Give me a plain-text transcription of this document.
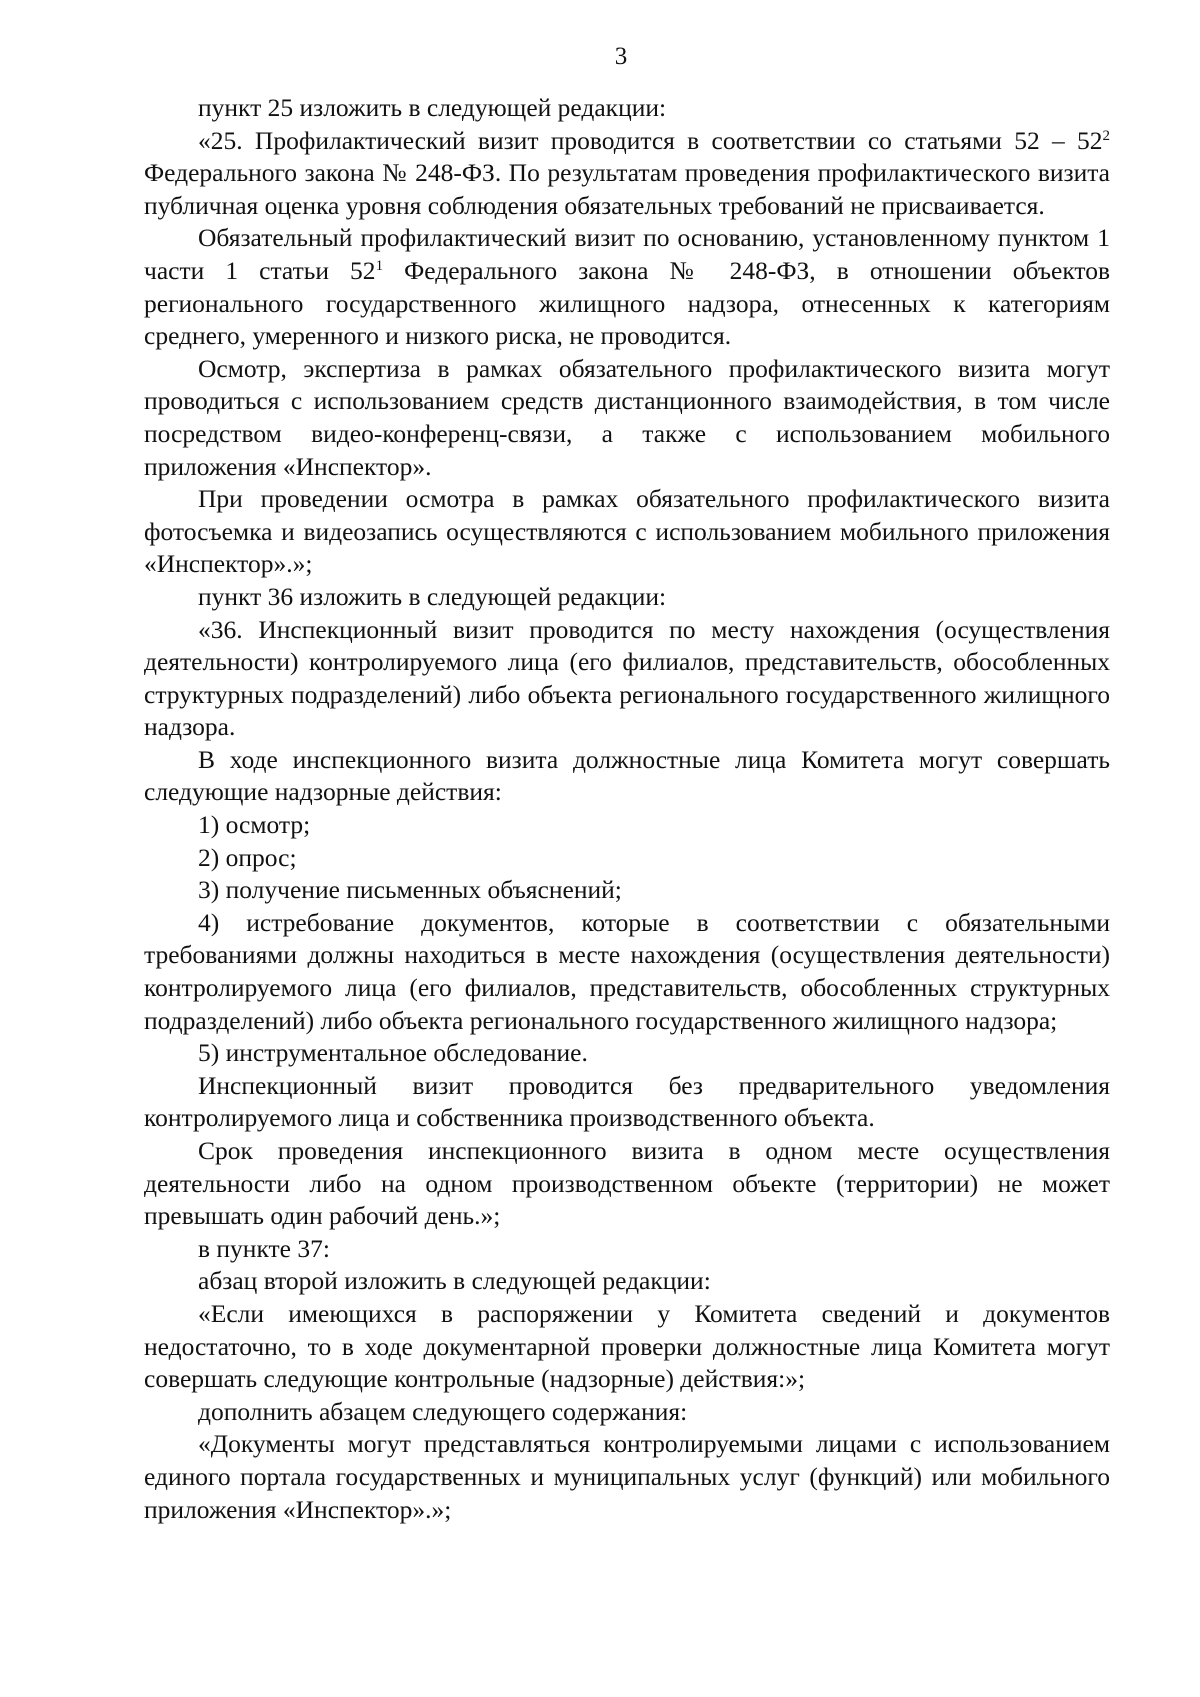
3

пункт 25 изложить в следующей редакции:

«25. Профилактический визит проводится в соответствии со статьями $52 - 52^2$ Федерального закона № 248-ФЗ. По результатам проведения профилактического визита публичная оценка уровня соблюдения обязательных требований не присваивается.

Обязательный профилактический визит по основанию, установленному пунктом 1 части 1 статьи $52^1$ Федерального закона № 248-ФЗ, в отношении объектов регионального государственного жилищного надзора, отнесенных к категориям среднего, умеренного и низкого риска, не проводится.

Осмотр, экспертиза в рамках обязательного профилактического визита могут проводиться с использованием средств дистанционного взаимодействия, в том числе посредством видео-конференц-связи, а также с использованием мобильного приложения «Инспектор».

При проведении осмотра в рамках обязательного профилактического визита фотосъемка и видеозапись осуществляются с использованием мобильного приложения «Инспектор».»;

пункт 36 изложить в следующей редакции:

«36. Инспекционный визит проводится по месту нахождения (осуществления деятельности) контролируемого лица (его филиалов, представительств, обособленных структурных подразделений) либо объекта регионального государственного жилищного надзора.

В ходе инспекционного визита должностные лица Комитета могут совершать следующие надзорные действия:

1) осмотр;

2) опрос;

3) получение письменных объяснений;

4) истребование документов, которые в соответствии с обязательными требованиями должны находиться в месте нахождения (осуществления деятельности) контролируемого лица (его филиалов, представительств, обособленных структурных подразделений) либо объекта регионального государственного жилищного надзора;

5) инструментальное обследование.

Инспекционный визит проводится без предварительного уведомления контролируемого лица и собственника производственного объекта.

Срок проведения инспекционного визита в одном месте осуществления деятельности либо на одном производственном объекте (территории) не может превышать один рабочий день.»;

в пункте 37:

абзац второй изложить в следующей редакции:

«Если имеющихся в распоряжении у Комитета сведений и документов недостаточно, то в ходе документарной проверки должностные лица Комитета могут совершать следующие контрольные (надзорные) действия:»;

дополнить абзацем следующего содержания:

«Документы могут представляться контролируемыми лицами с использованием единого портала государственных и муниципальных услуг (функций) или мобильного приложения «Инспектор».»;
